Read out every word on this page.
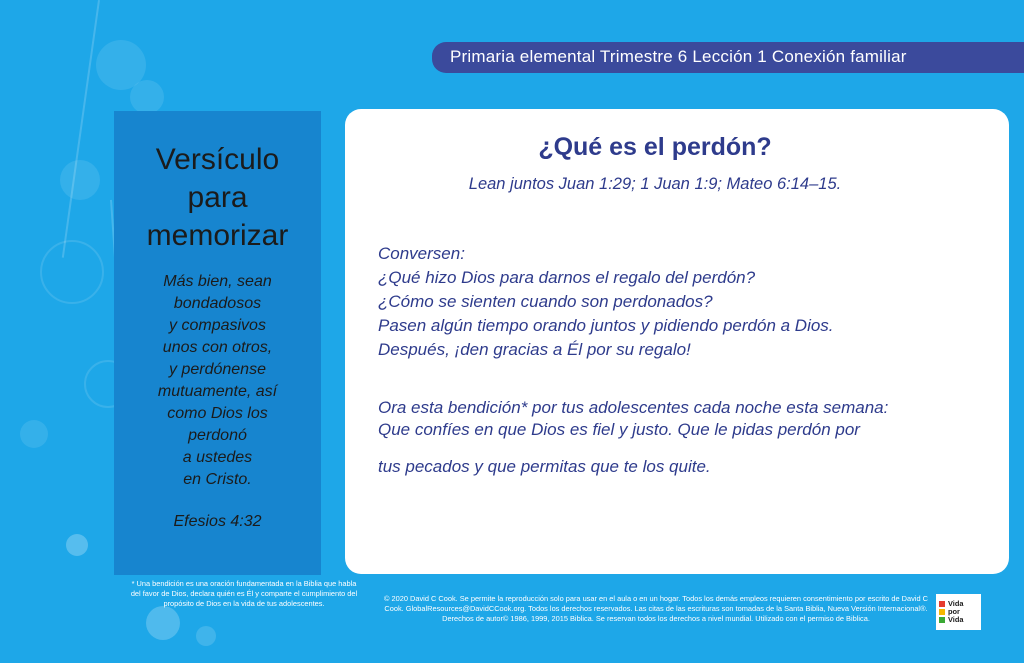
Primaria elemental Trimestre 6 Lección 1 Conexión familiar
Versículo
para
memorizar
Más bien, sean
bondadosos
y compasivos
unos con otros,
y perdónense
mutuamente, así
como Dios los
perdonó
a ustedes
en Cristo.
Efesios 4:32
* Una bendición es una oración fundamentada en la Biblia que habla del favor de Dios, declara quién es Él y comparte el cumplimiento del propósito de Dios en la vida de tus adolescentes.
¿Qué es el perdón?
Lean juntos Juan 1:29; 1 Juan 1:9; Mateo 6:14–15.
Conversen:
¿Qué hizo Dios para darnos el regalo del perdón?
¿Cómo se sienten cuando son perdonados?
Pasen algún tiempo orando juntos y pidiendo perdón a Dios.
Después, ¡den gracias a Él por su regalo!
Ora esta bendición* por tus adolescentes cada noche esta semana:
Que confíes en que Dios es fiel y justo. Que le pidas perdón por
tus pecados y que permitas que te los quite.
© 2020 David C Cook. Se permite la reproducción solo para usar en el aula o en un hogar. Todos los demás empleos requieren consentimiento por escrito de David C Cook. GlobalResources@DavidCCook.org. Todos los derechos reservados. Las citas de las escrituras son tomadas de la Santa Biblia, Nueva Versión Internacional®. Derechos de autor© 1986, 1999, 2015 Biblica. Se reservan todos los derechos a nivel mundial. Utilizado con el permiso de Biblica.
Vida
por
Vida
